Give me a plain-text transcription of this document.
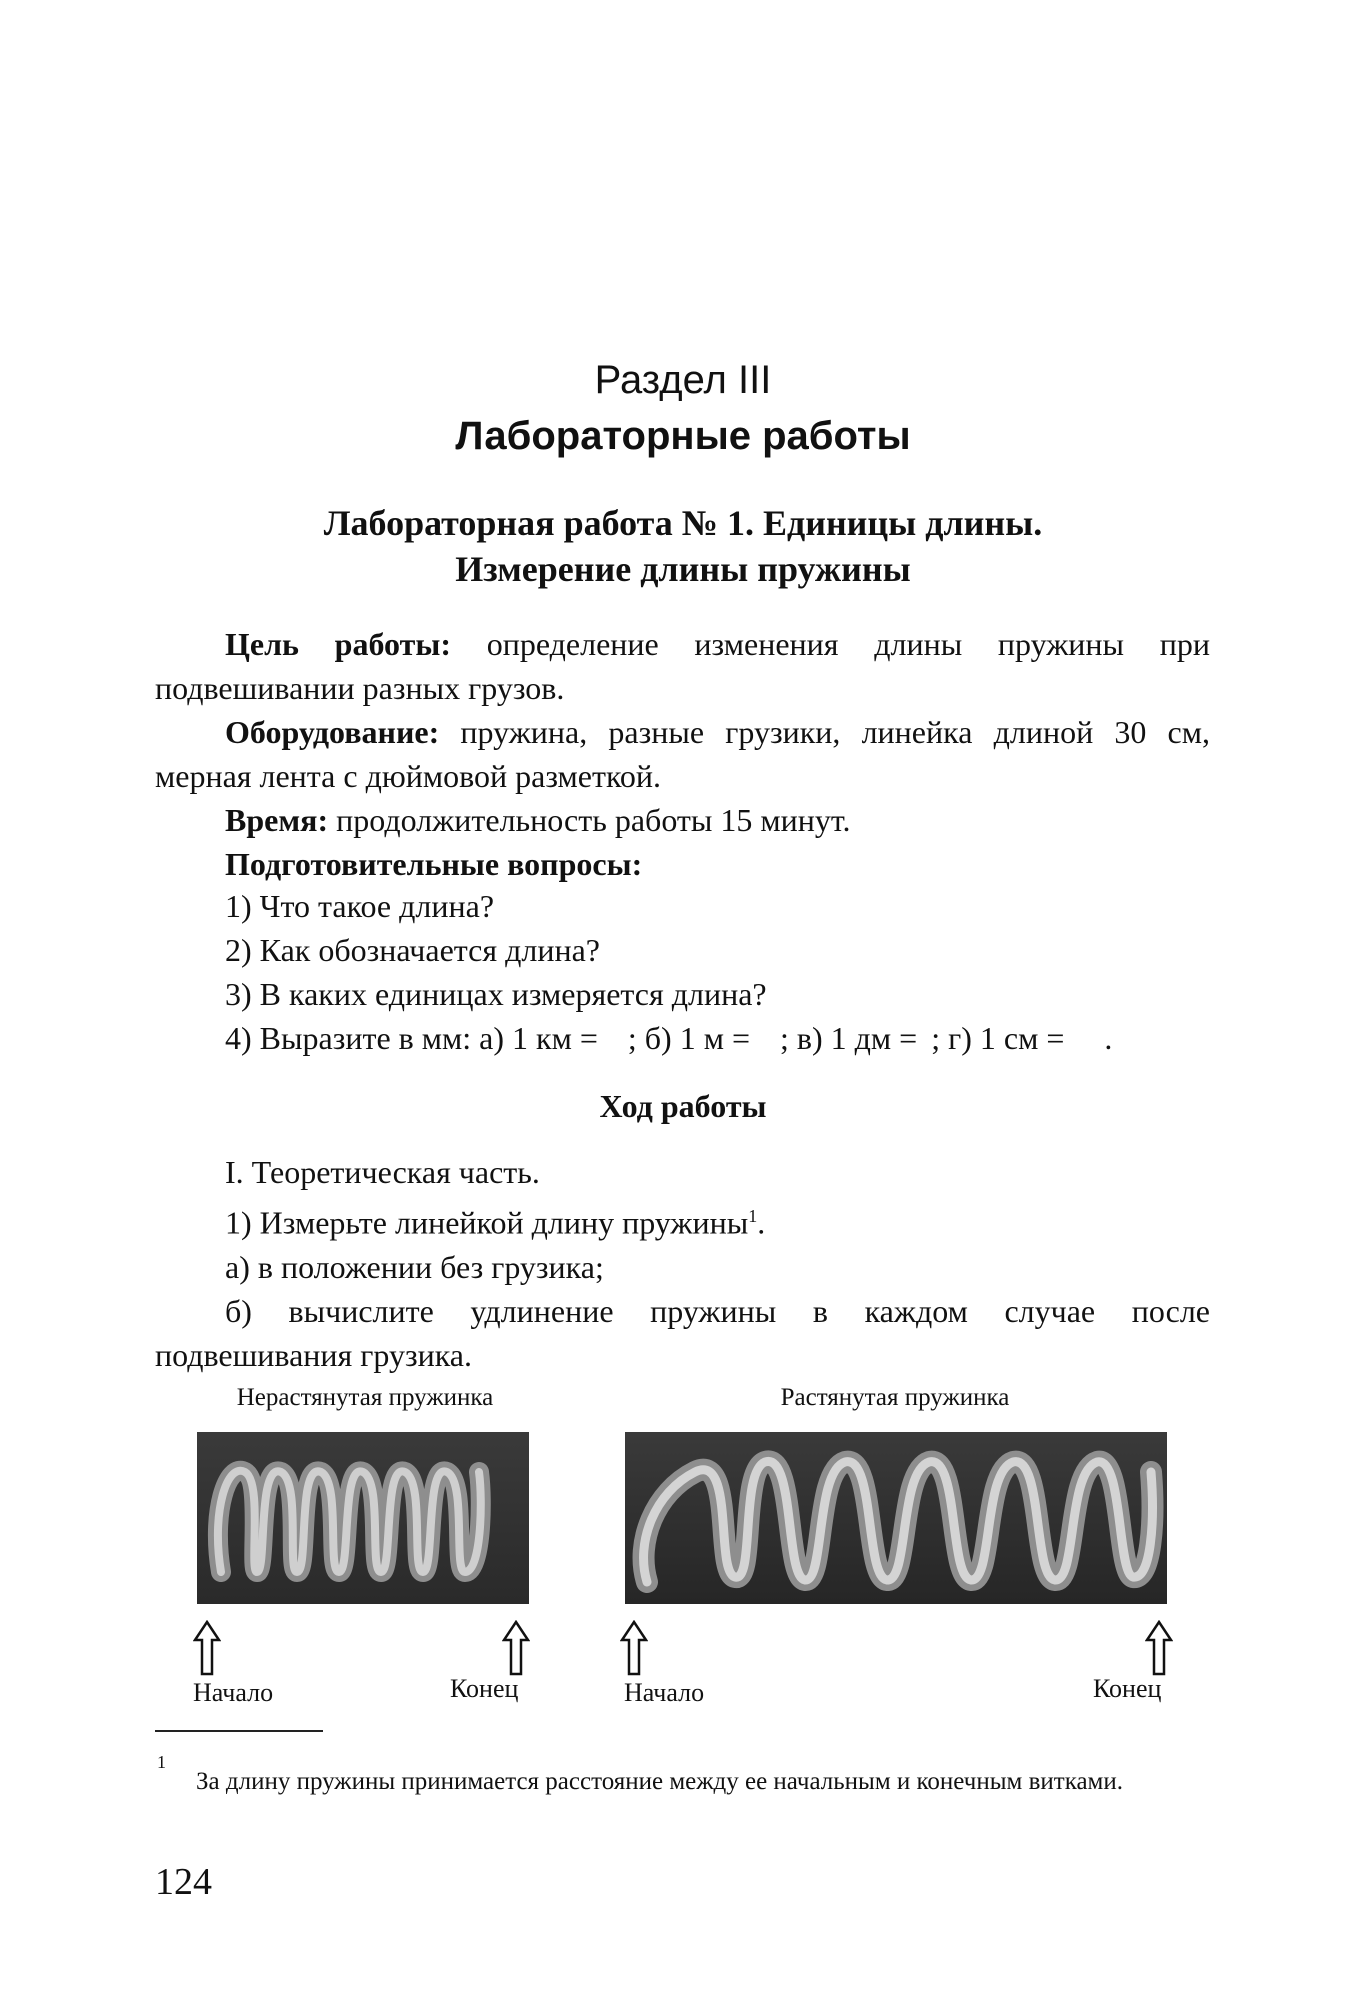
Раздел III
Лабораторные работы
Лабораторная работа № 1. Единицы длины.
Измерение длины пружины

Цель работы: определение изменения длины пружины при подвешивании разных грузов.

Оборудование: пружина, разные грузики, линейка длиной 30 см, мерная лента с дюймовой разметкой.

Время: продолжительность работы 15 минут.

Подготовительные вопросы:

1) Что такое длина?
2) Как обозначается длина?
3) В каких единицах измеряется длина?
4) Выразите в мм: а) 1 км = ; б) 1 м = ; в) 1 дм = ; г) 1 см = .
Ход работы

I. Теоретическая часть.

1) Измерьте линейкой длину пружины$^1$.

а) в положении без грузика;

б) вычислите удлинение пружины в каждом случае после подвешивания грузика.

Нерастянутая пружинка	Растянутая пружинка
Начало	Конец	Начало	Конец
1
За длину пружины принимается расстояние между ее начальным и конечным витками.
124
